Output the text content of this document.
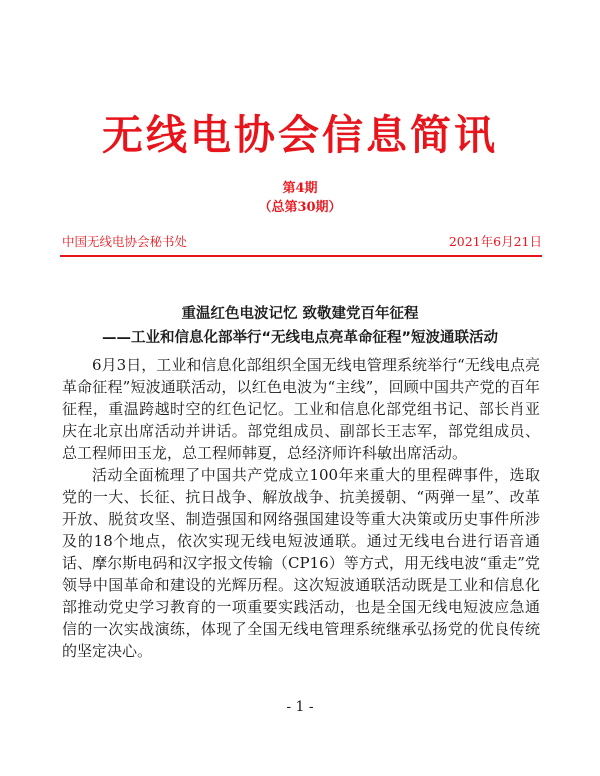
无线电协会信息简讯
第4期
（总第30期）
中国无线电协会秘书处	2021年6月21日
重温红色电波记忆 致敬建党百年征程
——工业和信息化部举行“无线电点亮革命征程”短波通联活动

6月3日，工业和信息化部组织全国无线电管理系统举行“无线电点亮革命征程”短波通联活动，以红色电波为“主线”，回顾中国共产党的百年征程，重温跨越时空的红色记忆。工业和信息化部党组书记、部长肖亚庆在北京出席活动并讲话。部党组成员、副部长王志军，部党组成员、总工程师田玉龙，总工程师韩夏，总经济师许科敏出席活动。

活动全面梳理了中国共产党成立100年来重大的里程碑事件，选取党的一大、长征、抗日战争、解放战争、抗美援朝、“两弹一星”、改革开放、脱贫攻坚、制造强国和网络强国建设等重大决策或历史事件所涉及的18个地点，依次实现无线电短波通联。通过无线电台进行语音通话、摩尔斯电码和汉字报文传输（CP16）等方式，用无线电波“重走”党领导中国革命和建设的光辉历程。这次短波通联活动既是工业和信息化部推动党史学习教育的一项重要实践活动，也是全国无线电短波应急通信的一次实战演练，体现了全国无线电管理系统继承弘扬党的优良传统的坚定决心。

- 1 -
